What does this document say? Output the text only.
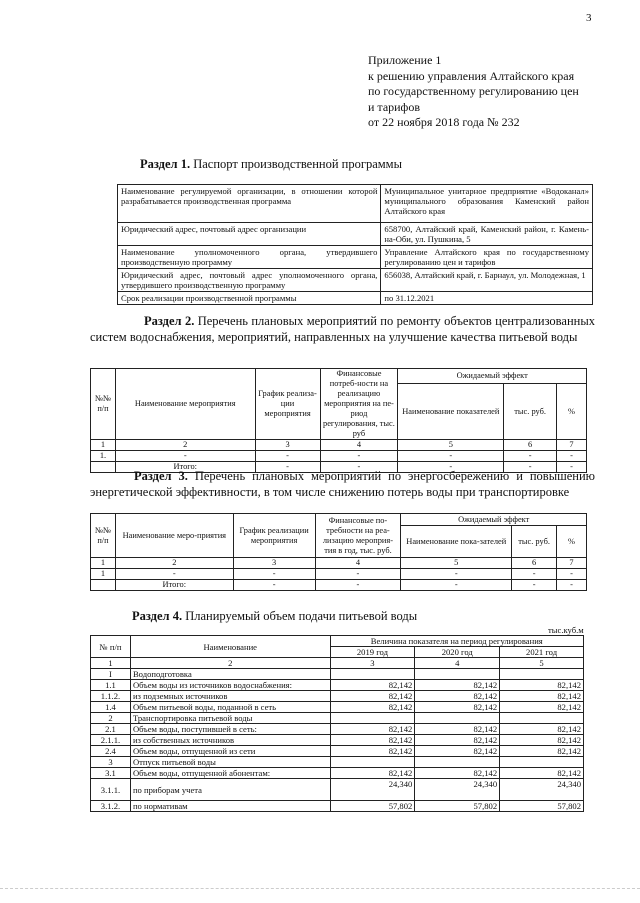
3
Приложение 1
к решению управления Алтайского края
по государственному регулированию цен
и тарифов
от 22 ноября 2018 года № 232
Раздел 1. Паспорт производственной программы
Наименование регулируемой организации, в отношении которой разрабатывается производственная программа	Муниципальное унитарное предприятие «Водоканал» муниципального образования Каменский район Алтайского края
Юридический адрес, почтовый адрес организации	658700, Алтайский край, Каменский район, г. Камень-на-Оби, ул. Пушкина, 5
Наименование уполномоченного органа, утвердившего производственную программу	Управление Алтайского края по государственному регулированию цен и тарифов
Юридический адрес, почтовый адрес уполномоченного органа, утвердившего производственную программу	656038, Алтайский край, г. Барнаул, ул. Молодежная, 1
Срок реализации производственной программы	по 31.12.2021
Раздел 2. Перечень плановых мероприятий по ремонту объектов централизованных систем водоснабжения, мероприятий, направленных на улучшение качества питьевой воды
№№ п/п	Наименование мероприятия	График реализа-ции мероприятия	Финансовые потреб-ности на реализацию мероприятия на пе-риод регулирования, тыс. руб	Ожидаемый эффект		
				Наименование показателей	тыс. руб.	%
1	2	3	4	5	6	7
1.	-	-	-	-	-	-
	Итого:	-	-	-	-	-
Раздел 3. Перечень плановых мероприятий по энергосбережению и повышению энергетической эффективности, в том числе снижению потерь воды при транспортировке
№№ п/п	Наименование меро-приятия	График реализации мероприятия	Финансовые по-требности на реа-лизацию мероприя-тия в год, тыс. руб.	Ожидаемый эффект		
				Наименование пока-зателей	тыс. руб.	%
1	2	3	4	5	6	7
1	-	-	-	-	-	-
	Итого:	-	-	-	-	-
Раздел 4. Планируемый объем подачи питьевой воды
тыс.куб.м
№ п/п	Наименование	Величина показателя на период регулирования		
		2019 год	2020 год	2021 год
1	2	3	4	5
I	Водоподготовка			
1.1	Объем воды из источников водоснабжения:	82,142	82,142	82,142
1.1.2.	из подземных источников	82,142	82,142	82,142
1.4	Объем питьевой воды, поданной в сеть	82,142	82,142	82,142
2	Транспортировка питьевой воды			
2.1	Объем воды, поступившей в сеть:	82,142	82,142	82,142
2.1.1.	из собственных источников	82,142	82,142	82,142
2.4	Объем воды, отпущенной из сети	82,142	82,142	82,142
3	Отпуск питьевой воды			
3.1	Объем воды, отпущенной абонентам:	82,142	82,142	82,142
3.1.1.	по приборам учета	24,340	24,340	24,340
3.1.2.	по нормативам	57,802	57,802	57,802
